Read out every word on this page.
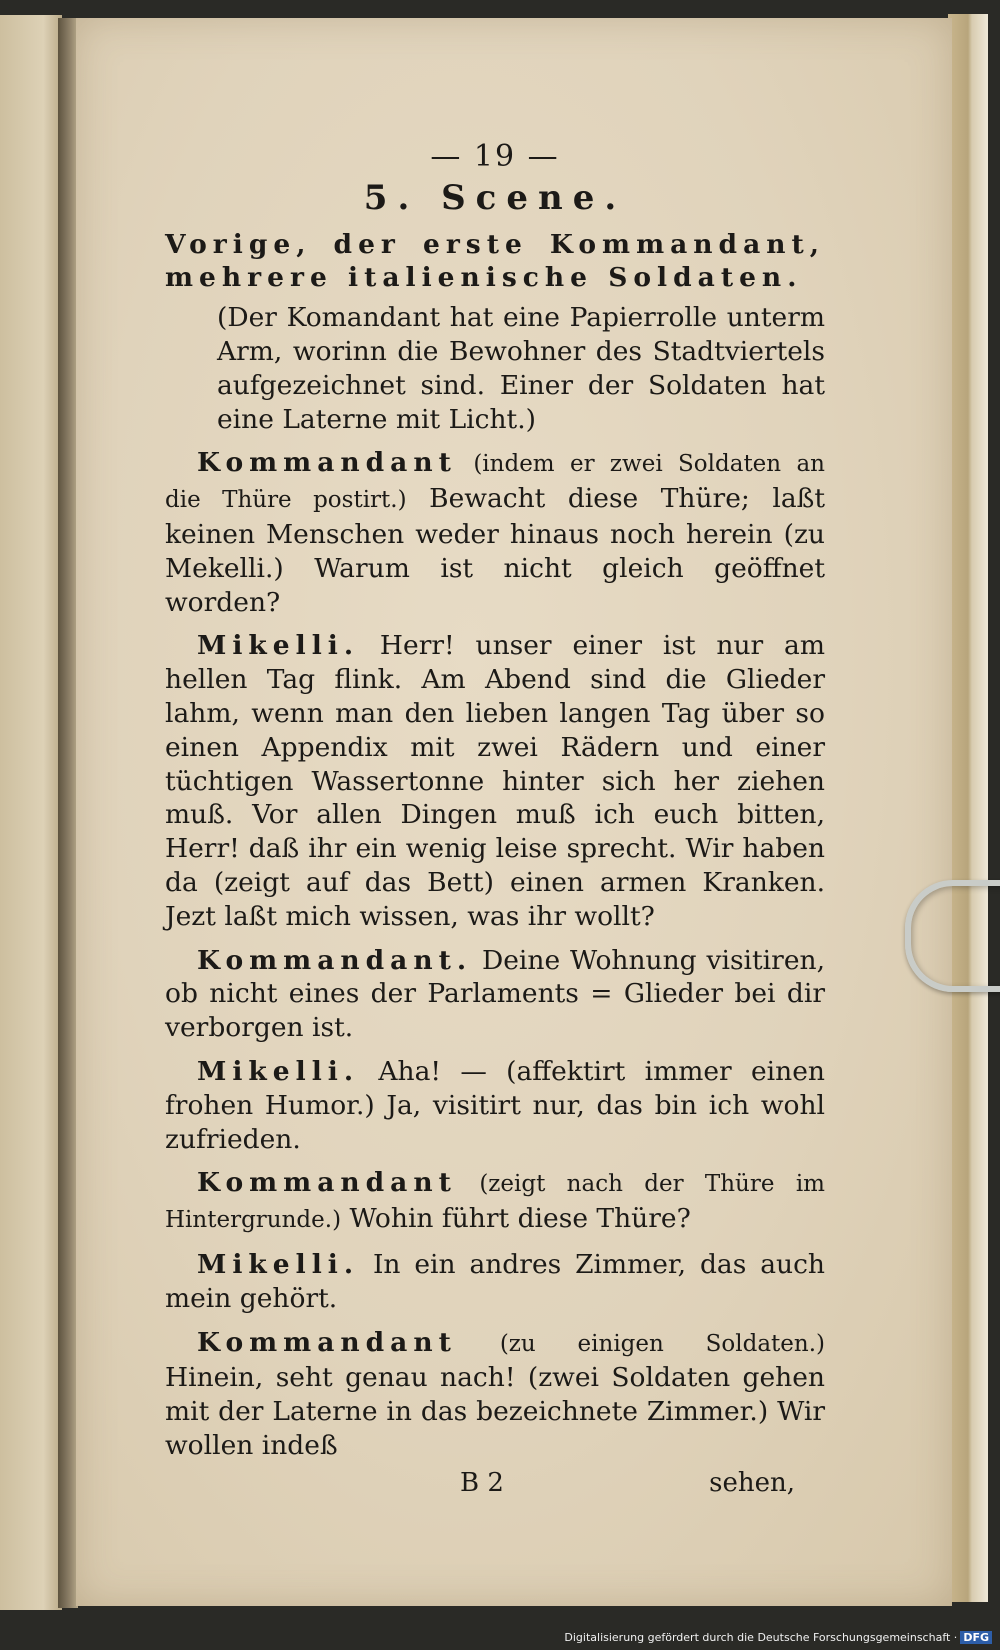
— 19 —
5. Scene.

Vorige, der erste Kommandant, mehrere italienische Soldaten.

(Der Komandant hat eine Papierrolle unterm Arm, worinn die Bewohner des Stadtviertels aufgezeichnet sind. Einer der Soldaten hat eine Laterne mit Licht.)

Kommandant (indem er zwei Soldaten an die Thüre postirt.) Bewacht diese Thüre; laßt keinen Menschen weder hinaus noch herein (zu Mekelli.) Warum ist nicht gleich geöffnet worden?

Mikelli. Herr! unser einer ist nur am hellen Tag flink. Am Abend sind die Glieder lahm, wenn man den lieben langen Tag über so einen Appendix mit zwei Rädern und einer tüchtigen Wassertonne hinter sich her ziehen muß. Vor allen Dingen muß ich euch bitten, Herr! daß ihr ein wenig leise sprecht. Wir haben da (zeigt auf das Bett) einen armen Kranken. Jezt laßt mich wissen, was ihr wollt?

Kommandant. Deine Wohnung visitiren, ob nicht eines der Parlaments = Glieder bei dir verborgen ist.

Mikelli. Aha! — (affektirt immer einen frohen Humor.) Ja, visitirt nur, das bin ich wohl zufrieden.

Kommandant (zeigt nach der Thüre im Hintergrunde.) Wohin führt diese Thüre?

Mikelli. In ein andres Zimmer, das auch mein gehört.

Kommandant (zu einigen Soldaten.) Hinein, seht genau nach! (zwei Soldaten gehen mit der Laterne in das bezeichnete Zimmer.) Wir wollen indeß

B 2	sehen,
Digitalisierung gefördert durch die Deutsche Forschungsgemeinschaft · DFG
